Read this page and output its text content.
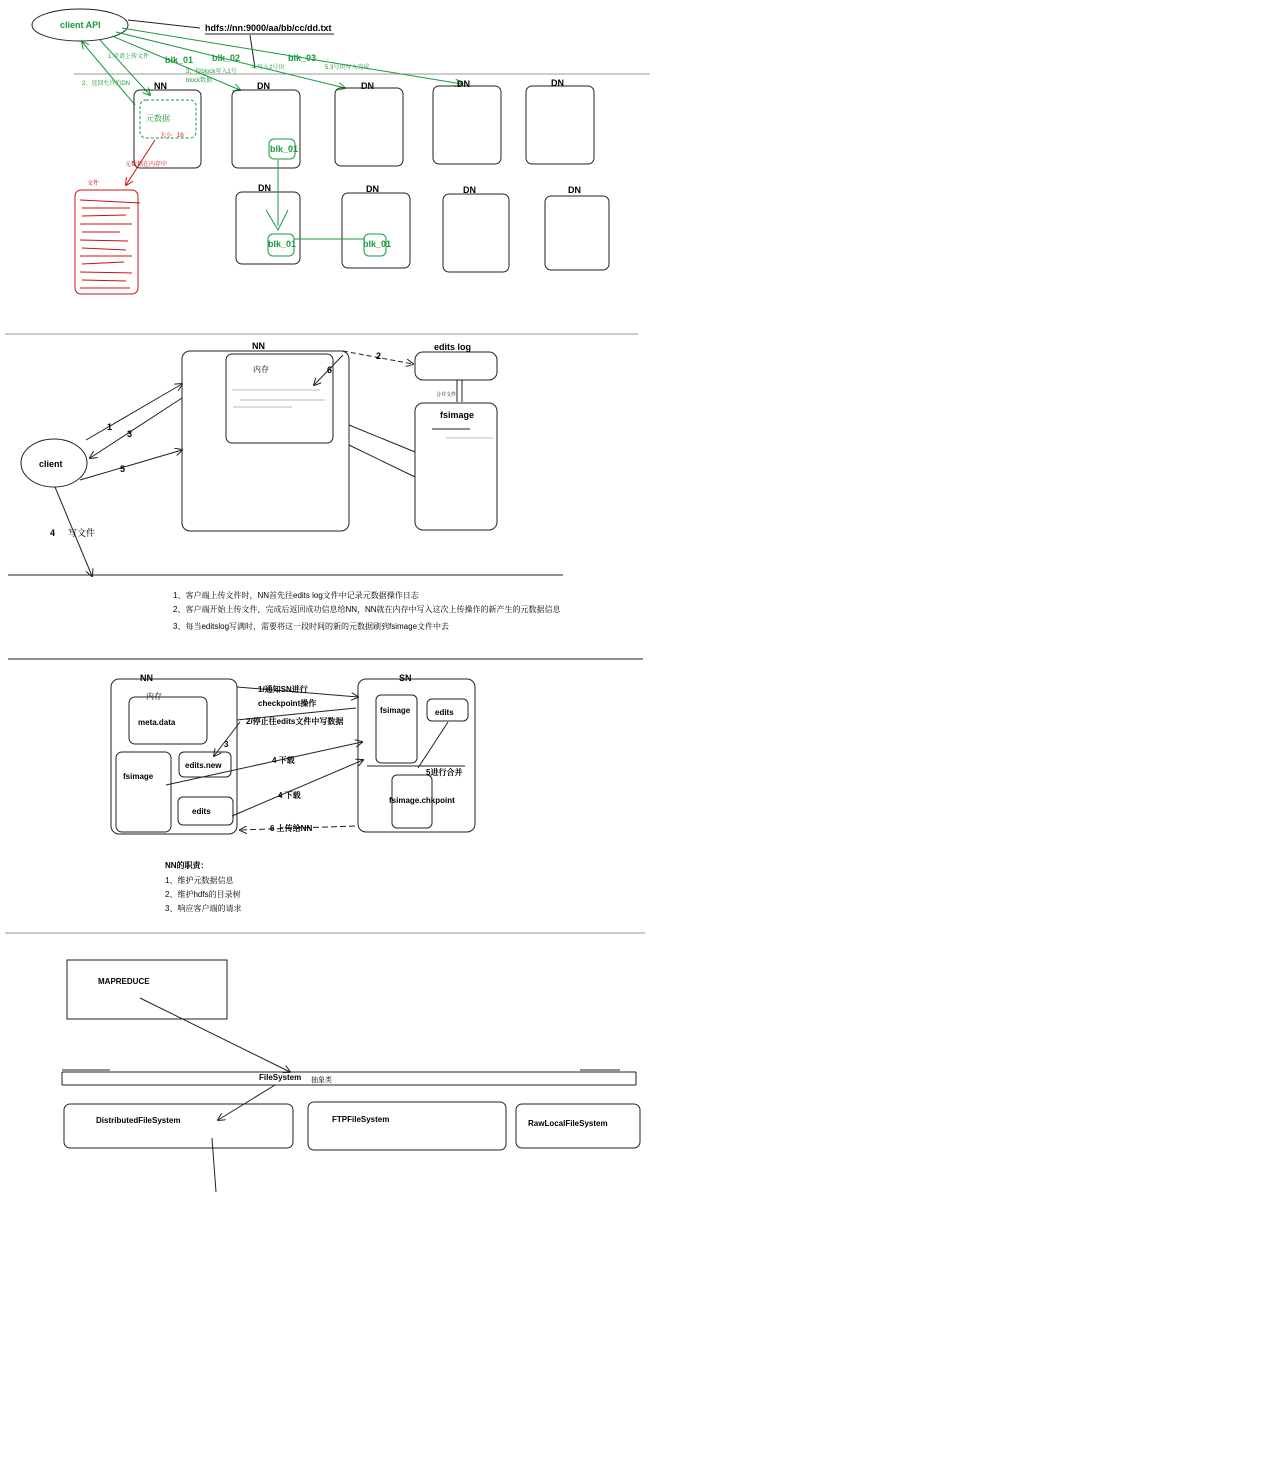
client API	hdfs://nn:9000/aa/bb/cc/dd.txt
1.申请上传文件
2、返回允许的DN
3、按block写入1号
block数据
4.写入2号块	5.3号块写入完成
blk_01 blk_02	blk_03
NN
元数据
大小 16
元数据在内存中
文件
DN	DN	DN	DN
blk_01
DN	DN	DN	DN
blk_01	blk_01
NN
内存
edits log
2
6
合并文件
fsimage
client
1
3
5
4 写文件
1、客户端上传文件时，NN首先往edits log文件中记录元数据操作日志
2、客户端开始上传文件，完成后返回成功信息给NN，NN就在内存中写入这次上传操作的新产生的元数据信息
3、每当editslog写满时，需要将这一段时间的新的元数据刷到fsimage文件中去
NN
内存
meta.data
fsimage
edits.new
edits
SN
fsimage	edits
fsimage.chkpoint
5进行合并
1/通知SN进行
checkpoint操作
2/停止往edits文件中写数据
3
4 下载
4 下载
6 上传给NN
NN的职责：
1、维护元数据信息
2、维护hdfs的目录树
3、响应客户端的请求
MAPREDUCE
FileSystem 抽象类
DistributedFileSystem	FTPFileSystem	RawLocalFileSystem
